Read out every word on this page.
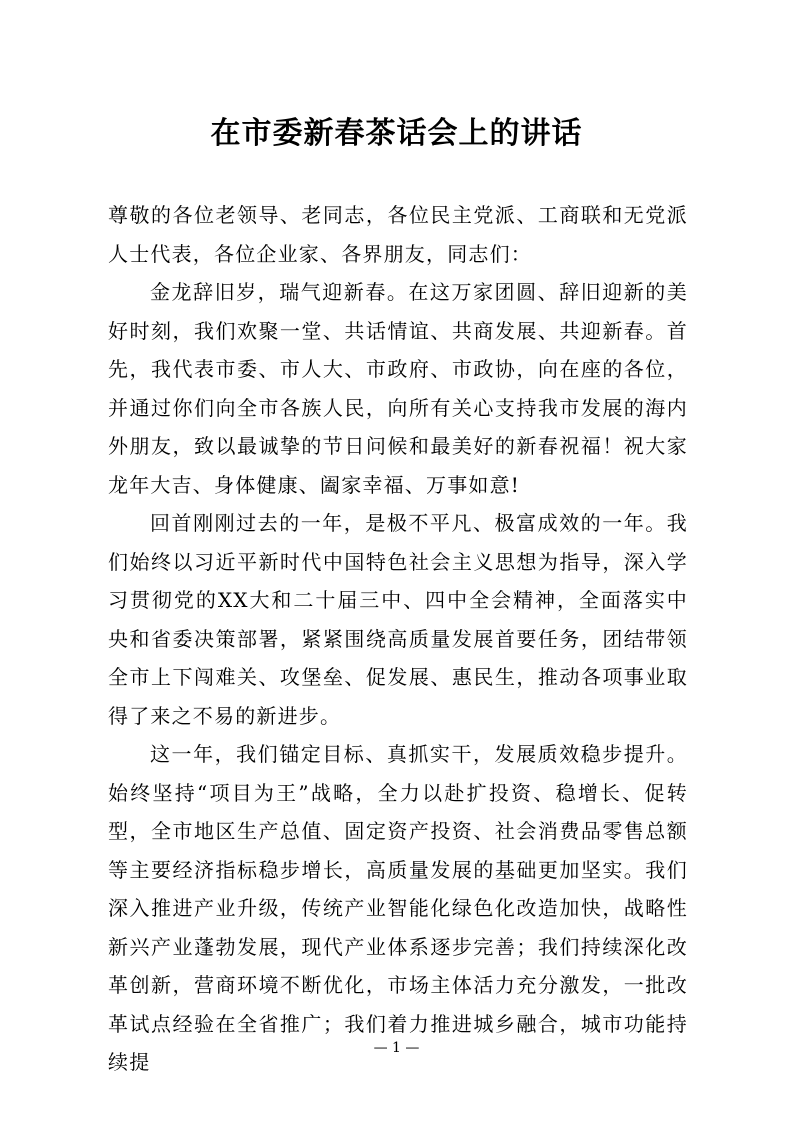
在市委新春茶话会上的讲话

尊敬的各位老领导、老同志，各位民主党派、工商联和无党派人士代表，各位企业家、各界朋友，同志们：

金龙辞旧岁，瑞气迎新春。在这万家团圆、辞旧迎新的美好时刻，我们欢聚一堂、共话情谊、共商发展、共迎新春。首先，我代表市委、市人大、市政府、市政协，向在座的各位，并通过你们向全市各族人民，向所有关心支持我市发展的海内外朋友，致以最诚挚的节日问候和最美好的新春祝福！祝大家龙年大吉、身体健康、阖家幸福、万事如意!

回首刚刚过去的一年，是极不平凡、极富成效的一年。我们始终以习近平新时代中国特色社会主义思想为指导，深入学习贯彻党的XX大和二十届三中、四中全会精神，全面落实中央和省委决策部署，紧紧围绕高质量发展首要任务，团结带领全市上下闯难关、攻堡垒、促发展、惠民生，推动各项事业取得了来之不易的新进步。

这一年，我们锚定目标、真抓实干，发展质效稳步提升。始终坚持“项目为王”战略，全力以赴扩投资、稳增长、促转型，全市地区生产总值、固定资产投资、社会消费品零售总额等主要经济指标稳步增长，高质量发展的基础更加坚实。我们深入推进产业升级，传统产业智能化绿色化改造加快，战略性新兴产业蓬勃发展，现代产业体系逐步完善；我们持续深化改革创新，营商环境不断优化，市场主体活力充分激发，一批改革试点经验在全省推广；我们着力推进城乡融合，城市功能持续提

— 1 —
